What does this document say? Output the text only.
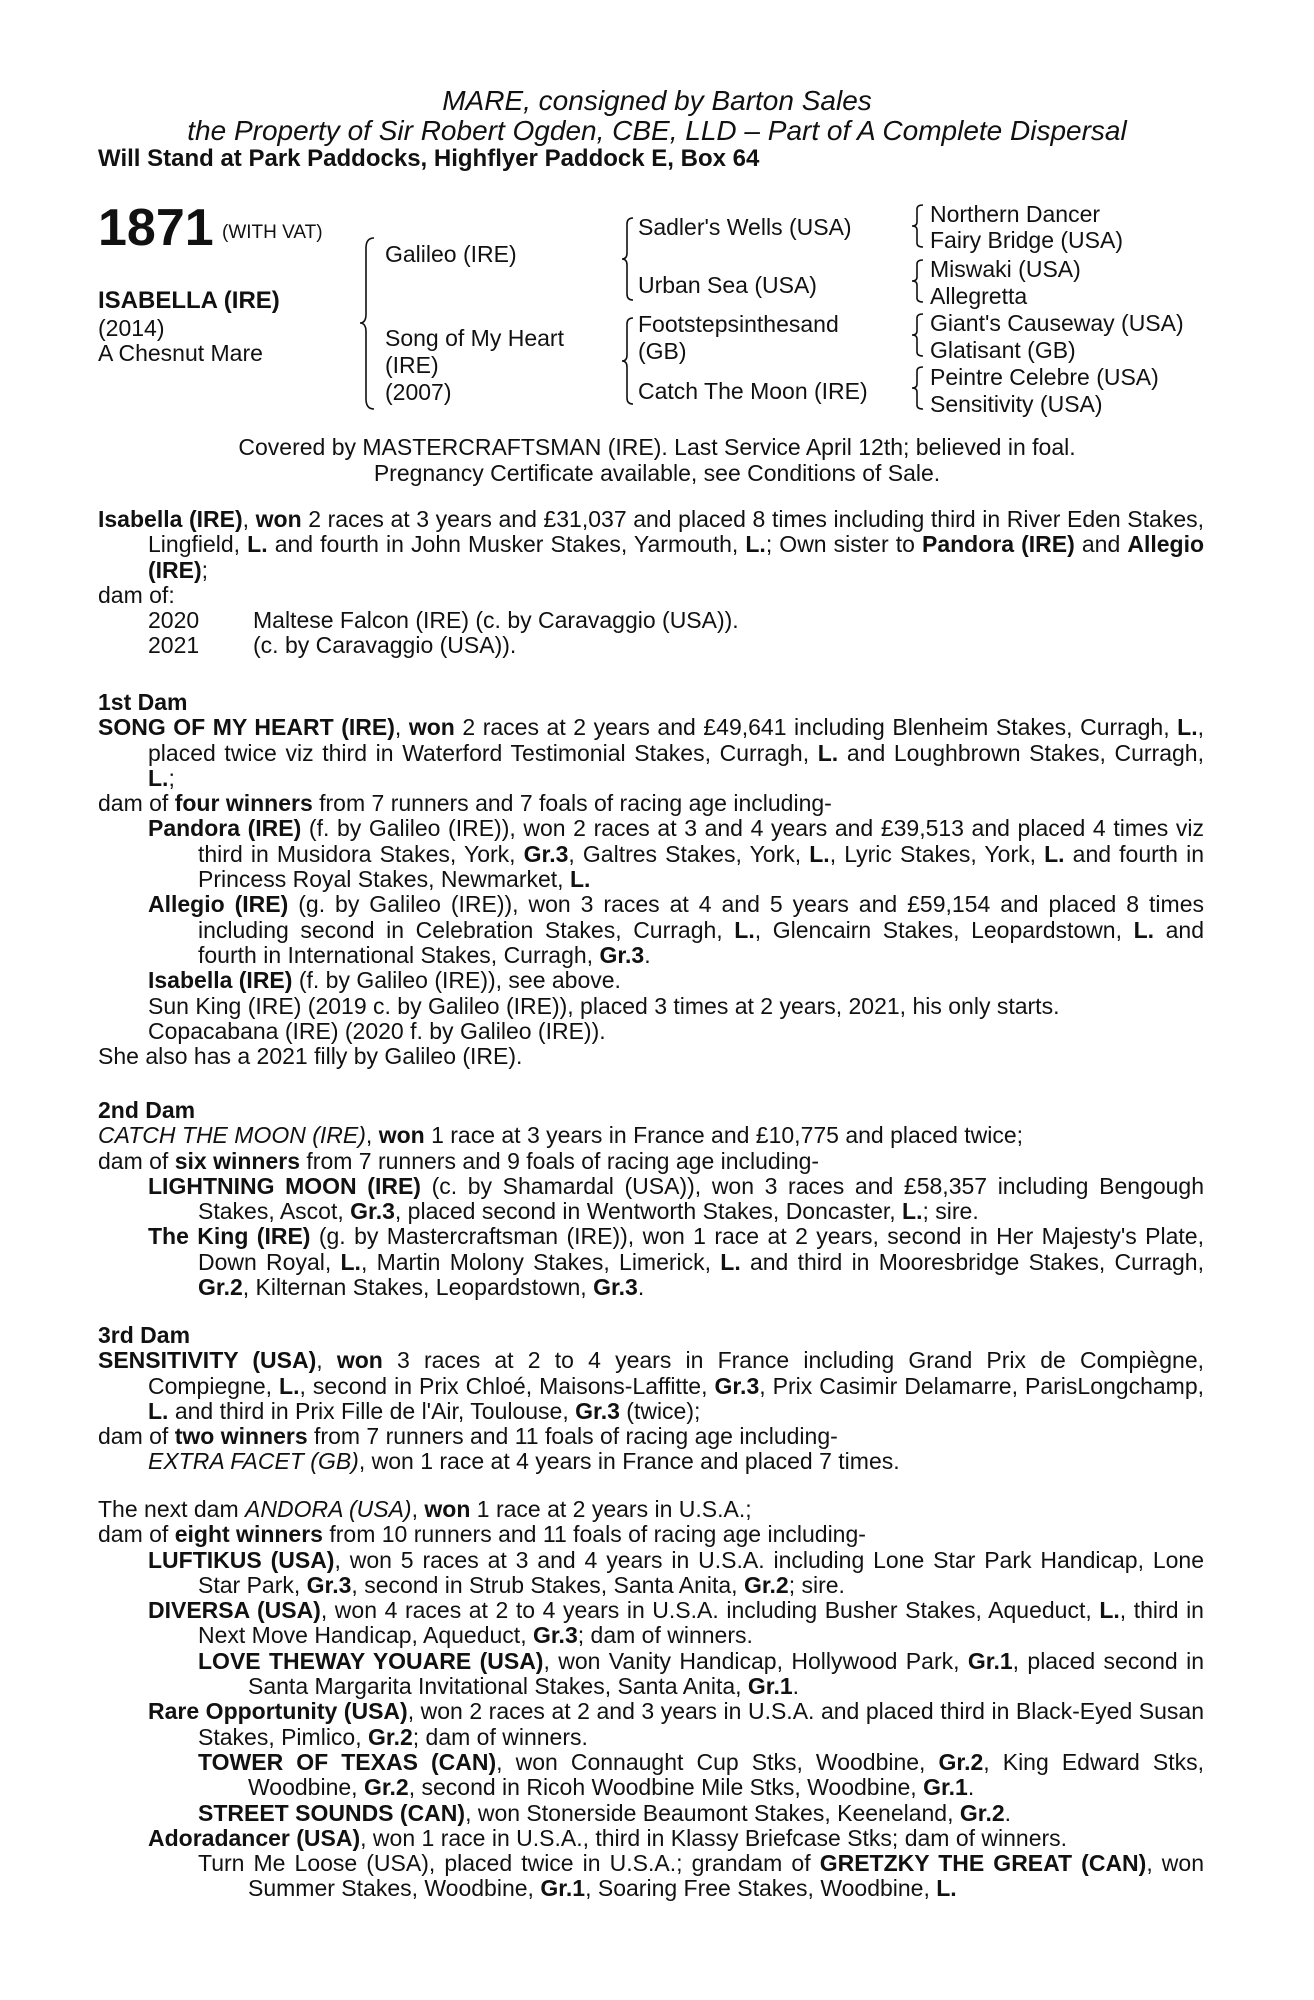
MARE, consigned by Barton Sales
the Property of Sir Robert Ogden, CBE, LLD – Part of A Complete Dispersal
Will Stand at Park Paddocks, Highflyer Paddock E, Box 64
1871 (WITH VAT)
ISABELLA (IRE)
(2014)
A Chesnut Mare
Galileo (IRE)
Song of My Heart
(IRE)
(2007)
Sadler's Wells (USA)
Urban Sea (USA)
Footstepsinthesand
(GB)
Catch The Moon (IRE)
Northern Dancer
Fairy Bridge (USA)
Miswaki (USA)
Allegretta
Giant's Causeway (USA)
Glatisant (GB)
Peintre Celebre (USA)
Sensitivity (USA)
Covered by MASTERCRAFTSMAN (IRE). Last Service April 12th; believed in foal.
Pregnancy Certificate available, see Conditions of Sale.

Isabella (IRE), won 2 races at 3 years and £31,037 and placed 8 times including third in River Eden Stakes, Lingfield, L. and fourth in John Musker Stakes, Yarmouth, L.; Own sister to Pandora (IRE) and Allegio (IRE);

dam of:

2020 Maltese Falcon (IRE) (c. by Caravaggio (USA)).

2021 (c. by Caravaggio (USA)).

1st Dam

SONG OF MY HEART (IRE), won 2 races at 2 years and £49,641 including Blenheim Stakes, Curragh, L., placed twice viz third in Waterford Testimonial Stakes, Curragh, L. and Loughbrown Stakes, Curragh, L.;

dam of four winners from 7 runners and 7 foals of racing age including-

Pandora (IRE) (f. by Galileo (IRE)), won 2 races at 3 and 4 years and £39,513 and placed 4 times viz third in Musidora Stakes, York, Gr.3, Galtres Stakes, York, L., Lyric Stakes, York, L. and fourth in Princess Royal Stakes, Newmarket, L.

Allegio (IRE) (g. by Galileo (IRE)), won 3 races at 4 and 5 years and £59,154 and placed 8 times including second in Celebration Stakes, Curragh, L., Glencairn Stakes, Leopardstown, L. and fourth in International Stakes, Curragh, Gr.3.

Isabella (IRE) (f. by Galileo (IRE)), see above.

Sun King (IRE) (2019 c. by Galileo (IRE)), placed 3 times at 2 years, 2021, his only starts.

Copacabana (IRE) (2020 f. by Galileo (IRE)).

She also has a 2021 filly by Galileo (IRE).

2nd Dam

CATCH THE MOON (IRE), won 1 race at 3 years in France and £10,775 and placed twice;

dam of six winners from 7 runners and 9 foals of racing age including-

LIGHTNING MOON (IRE) (c. by Shamardal (USA)), won 3 races and £58,357 including Bengough Stakes, Ascot, Gr.3, placed second in Wentworth Stakes, Doncaster, L.; sire.

The King (IRE) (g. by Mastercraftsman (IRE)), won 1 race at 2 years, second in Her Majesty's Plate, Down Royal, L., Martin Molony Stakes, Limerick, L. and third in Mooresbridge Stakes, Curragh, Gr.2, Kilternan Stakes, Leopardstown, Gr.3.

3rd Dam

SENSITIVITY (USA), won 3 races at 2 to 4 years in France including Grand Prix de Compiègne, Compiegne, L., second in Prix Chloé, Maisons-Laffitte, Gr.3, Prix Casimir Delamarre, ParisLongchamp, L. and third in Prix Fille de l'Air, Toulouse, Gr.3 (twice);

dam of two winners from 7 runners and 11 foals of racing age including-

EXTRA FACET (GB), won 1 race at 4 years in France and placed 7 times.

The next dam ANDORA (USA), won 1 race at 2 years in U.S.A.;

dam of eight winners from 10 runners and 11 foals of racing age including-

LUFTIKUS (USA), won 5 races at 3 and 4 years in U.S.A. including Lone Star Park Handicap, Lone Star Park, Gr.3, second in Strub Stakes, Santa Anita, Gr.2; sire.

DIVERSA (USA), won 4 races at 2 to 4 years in U.S.A. including Busher Stakes, Aqueduct, L., third in Next Move Handicap, Aqueduct, Gr.3; dam of winners.

LOVE THEWAY YOUARE (USA), won Vanity Handicap, Hollywood Park, Gr.1, placed second in Santa Margarita Invitational Stakes, Santa Anita, Gr.1.

Rare Opportunity (USA), won 2 races at 2 and 3 years in U.S.A. and placed third in Black-Eyed Susan Stakes, Pimlico, Gr.2; dam of winners.

TOWER OF TEXAS (CAN), won Connaught Cup Stks, Woodbine, Gr.2, King Edward Stks, Woodbine, Gr.2, second in Ricoh Woodbine Mile Stks, Woodbine, Gr.1.

STREET SOUNDS (CAN), won Stonerside Beaumont Stakes, Keeneland, Gr.2.

Adoradancer (USA), won 1 race in U.S.A., third in Klassy Briefcase Stks; dam of winners.

Turn Me Loose (USA), placed twice in U.S.A.; grandam of GRETZKY THE GREAT (CAN), won Summer Stakes, Woodbine, Gr.1, Soaring Free Stakes, Woodbine, L.
